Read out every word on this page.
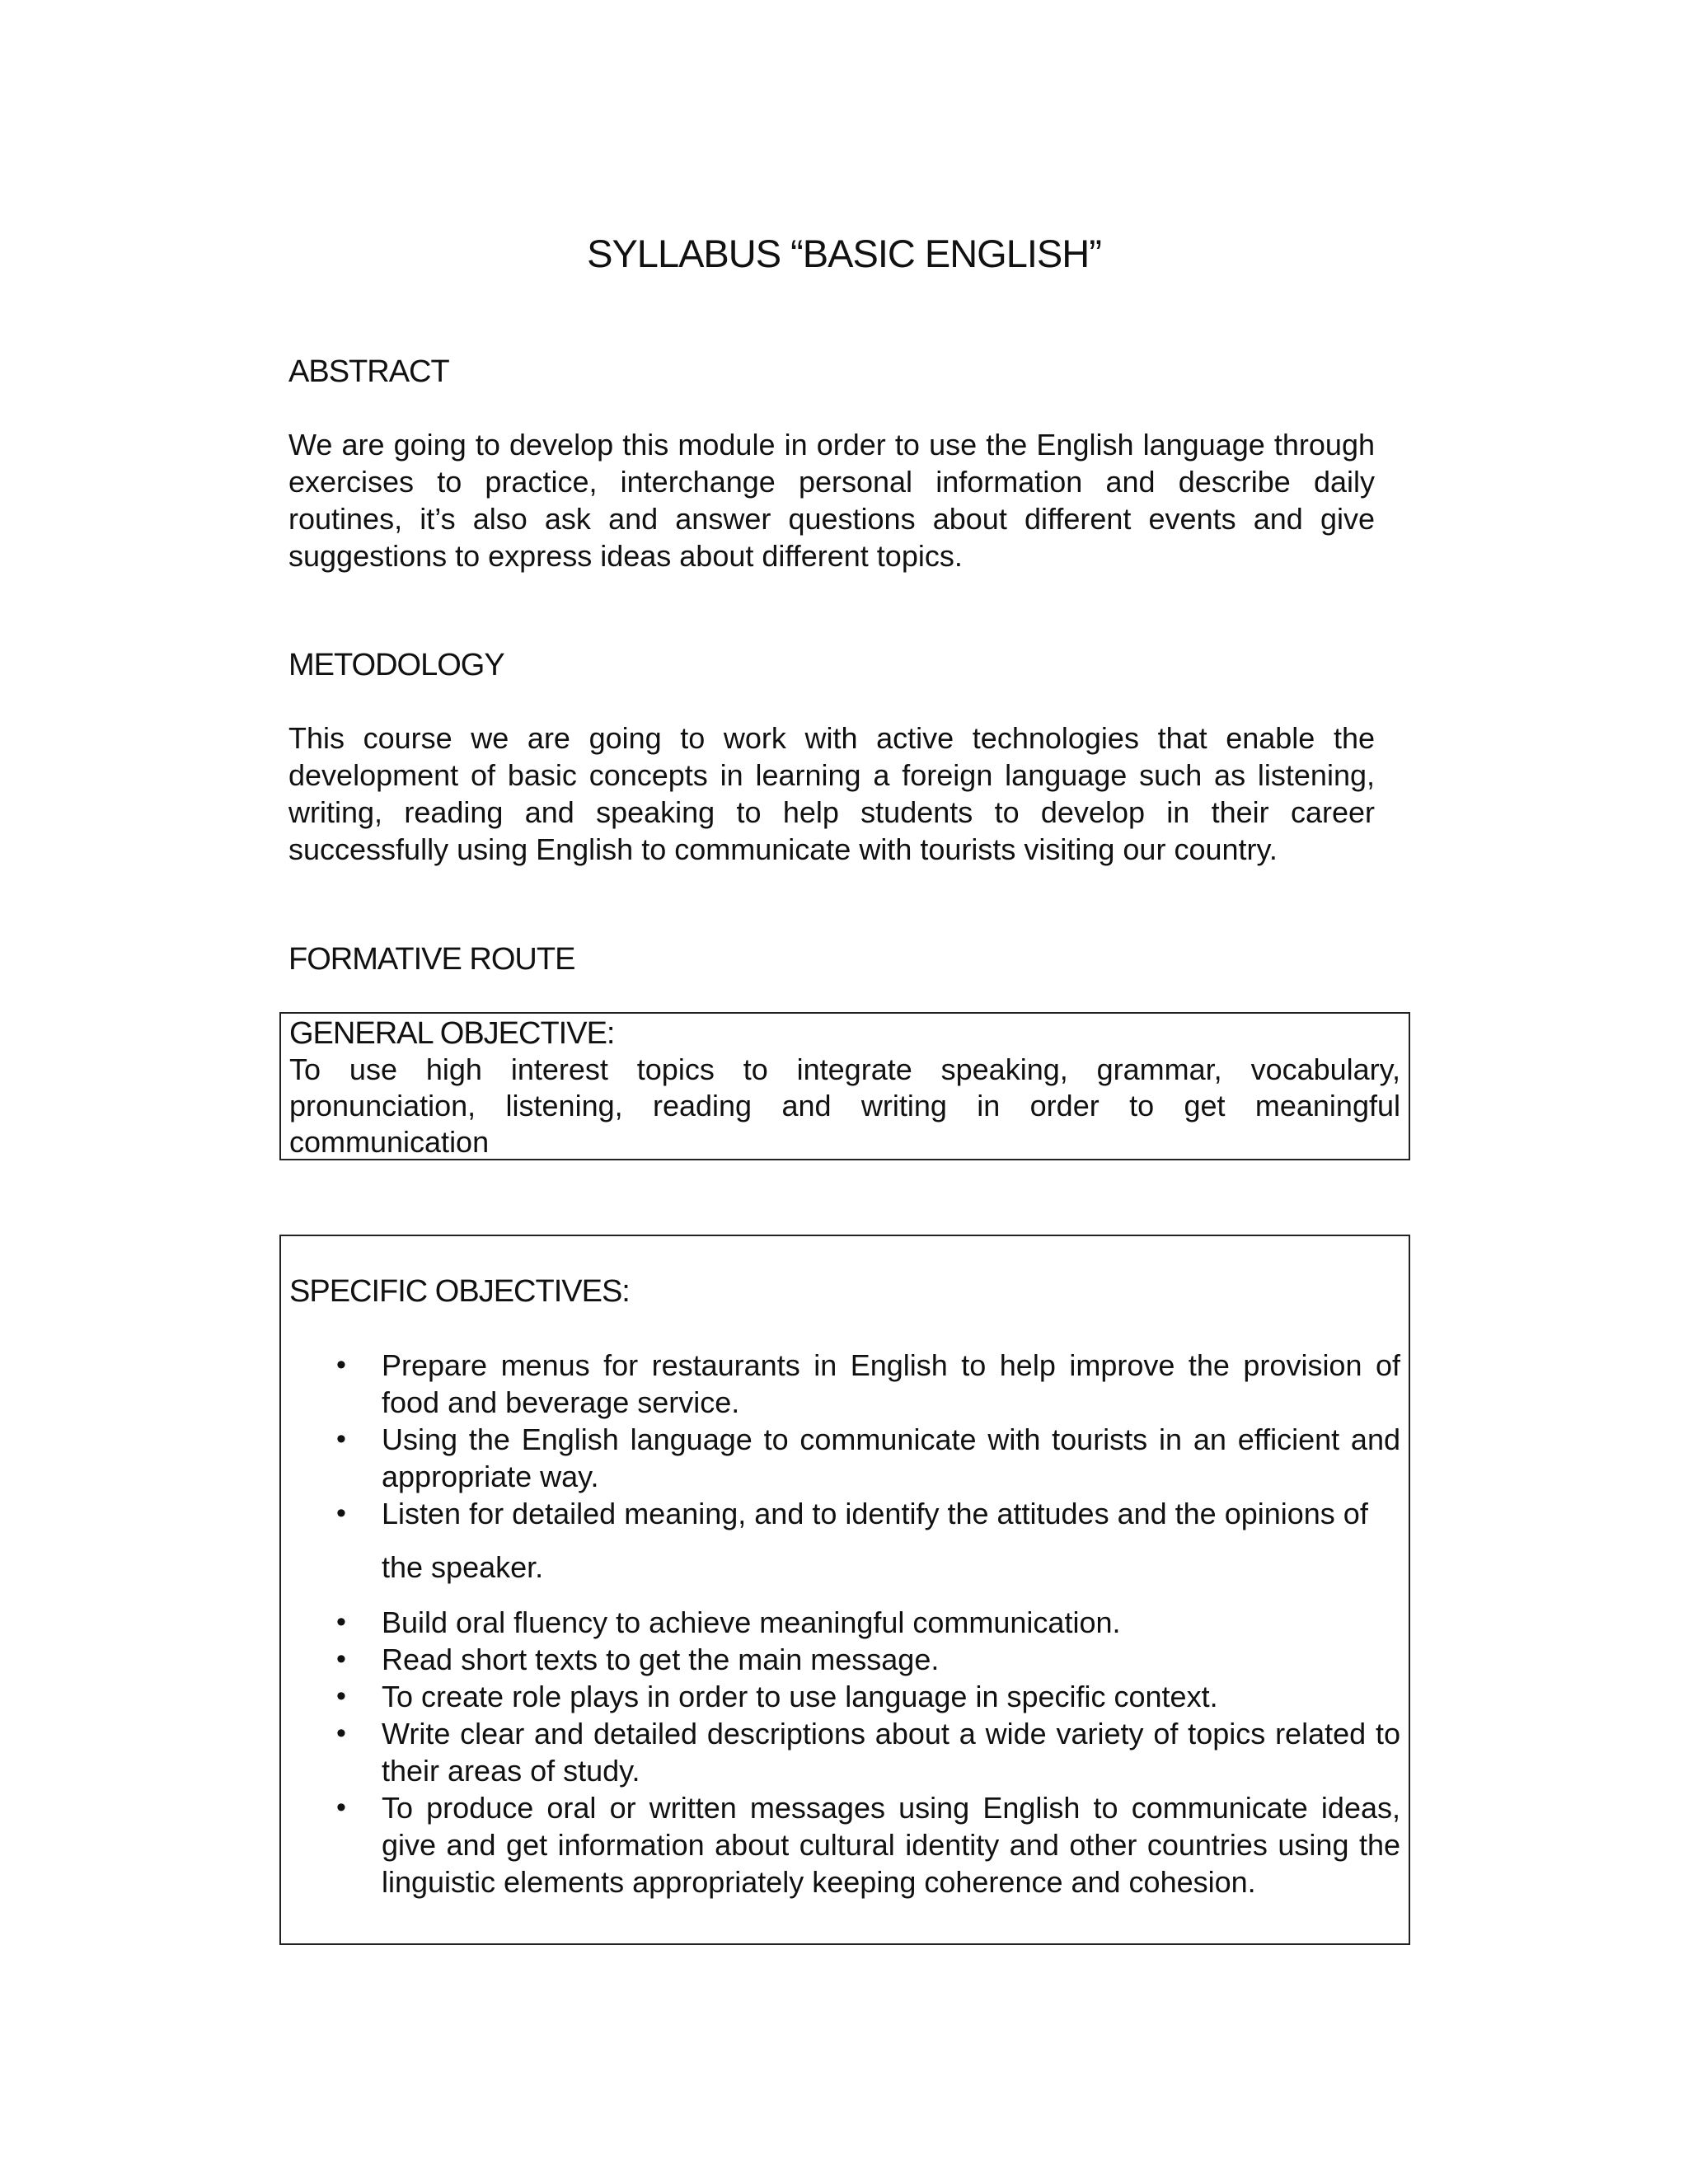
SYLLABUS “BASIC ENGLISH”
ABSTRACT
We are going to develop this module in order to use the English language through exercises to practice, interchange personal information and describe daily routines, it’s also ask and answer questions about different events and give suggestions to express ideas about different topics.
METODOLOGY
This course we are going to work with active technologies that enable the development of basic concepts in learning a foreign language such as listening, writing, reading and speaking to help students to develop in their career successfully using English to communicate with tourists visiting our country.
FORMATIVE ROUTE
GENERAL OBJECTIVE:
To use high interest topics to integrate speaking, grammar, vocabulary, pronunciation, listening, reading and writing in order to get meaningful communication
SPECIFIC OBJECTIVES:
• Prepare menus for restaurants in English to help improve the provision of food and beverage service.
• Using the English language to communicate with tourists in an efficient and appropriate way.
• Listen for detailed meaning, and to identify the attitudes and the opinions of
the speaker.
• Build oral fluency to achieve meaningful communication.
• Read short texts to get the main message.
• To create role plays in order to use language in specific context.
• Write clear and detailed descriptions about a wide variety of topics related to their areas of study.
• To produce oral or written messages using English to communicate ideas, give and get information about cultural identity and other countries using the linguistic elements appropriately keeping coherence and cohesion.
